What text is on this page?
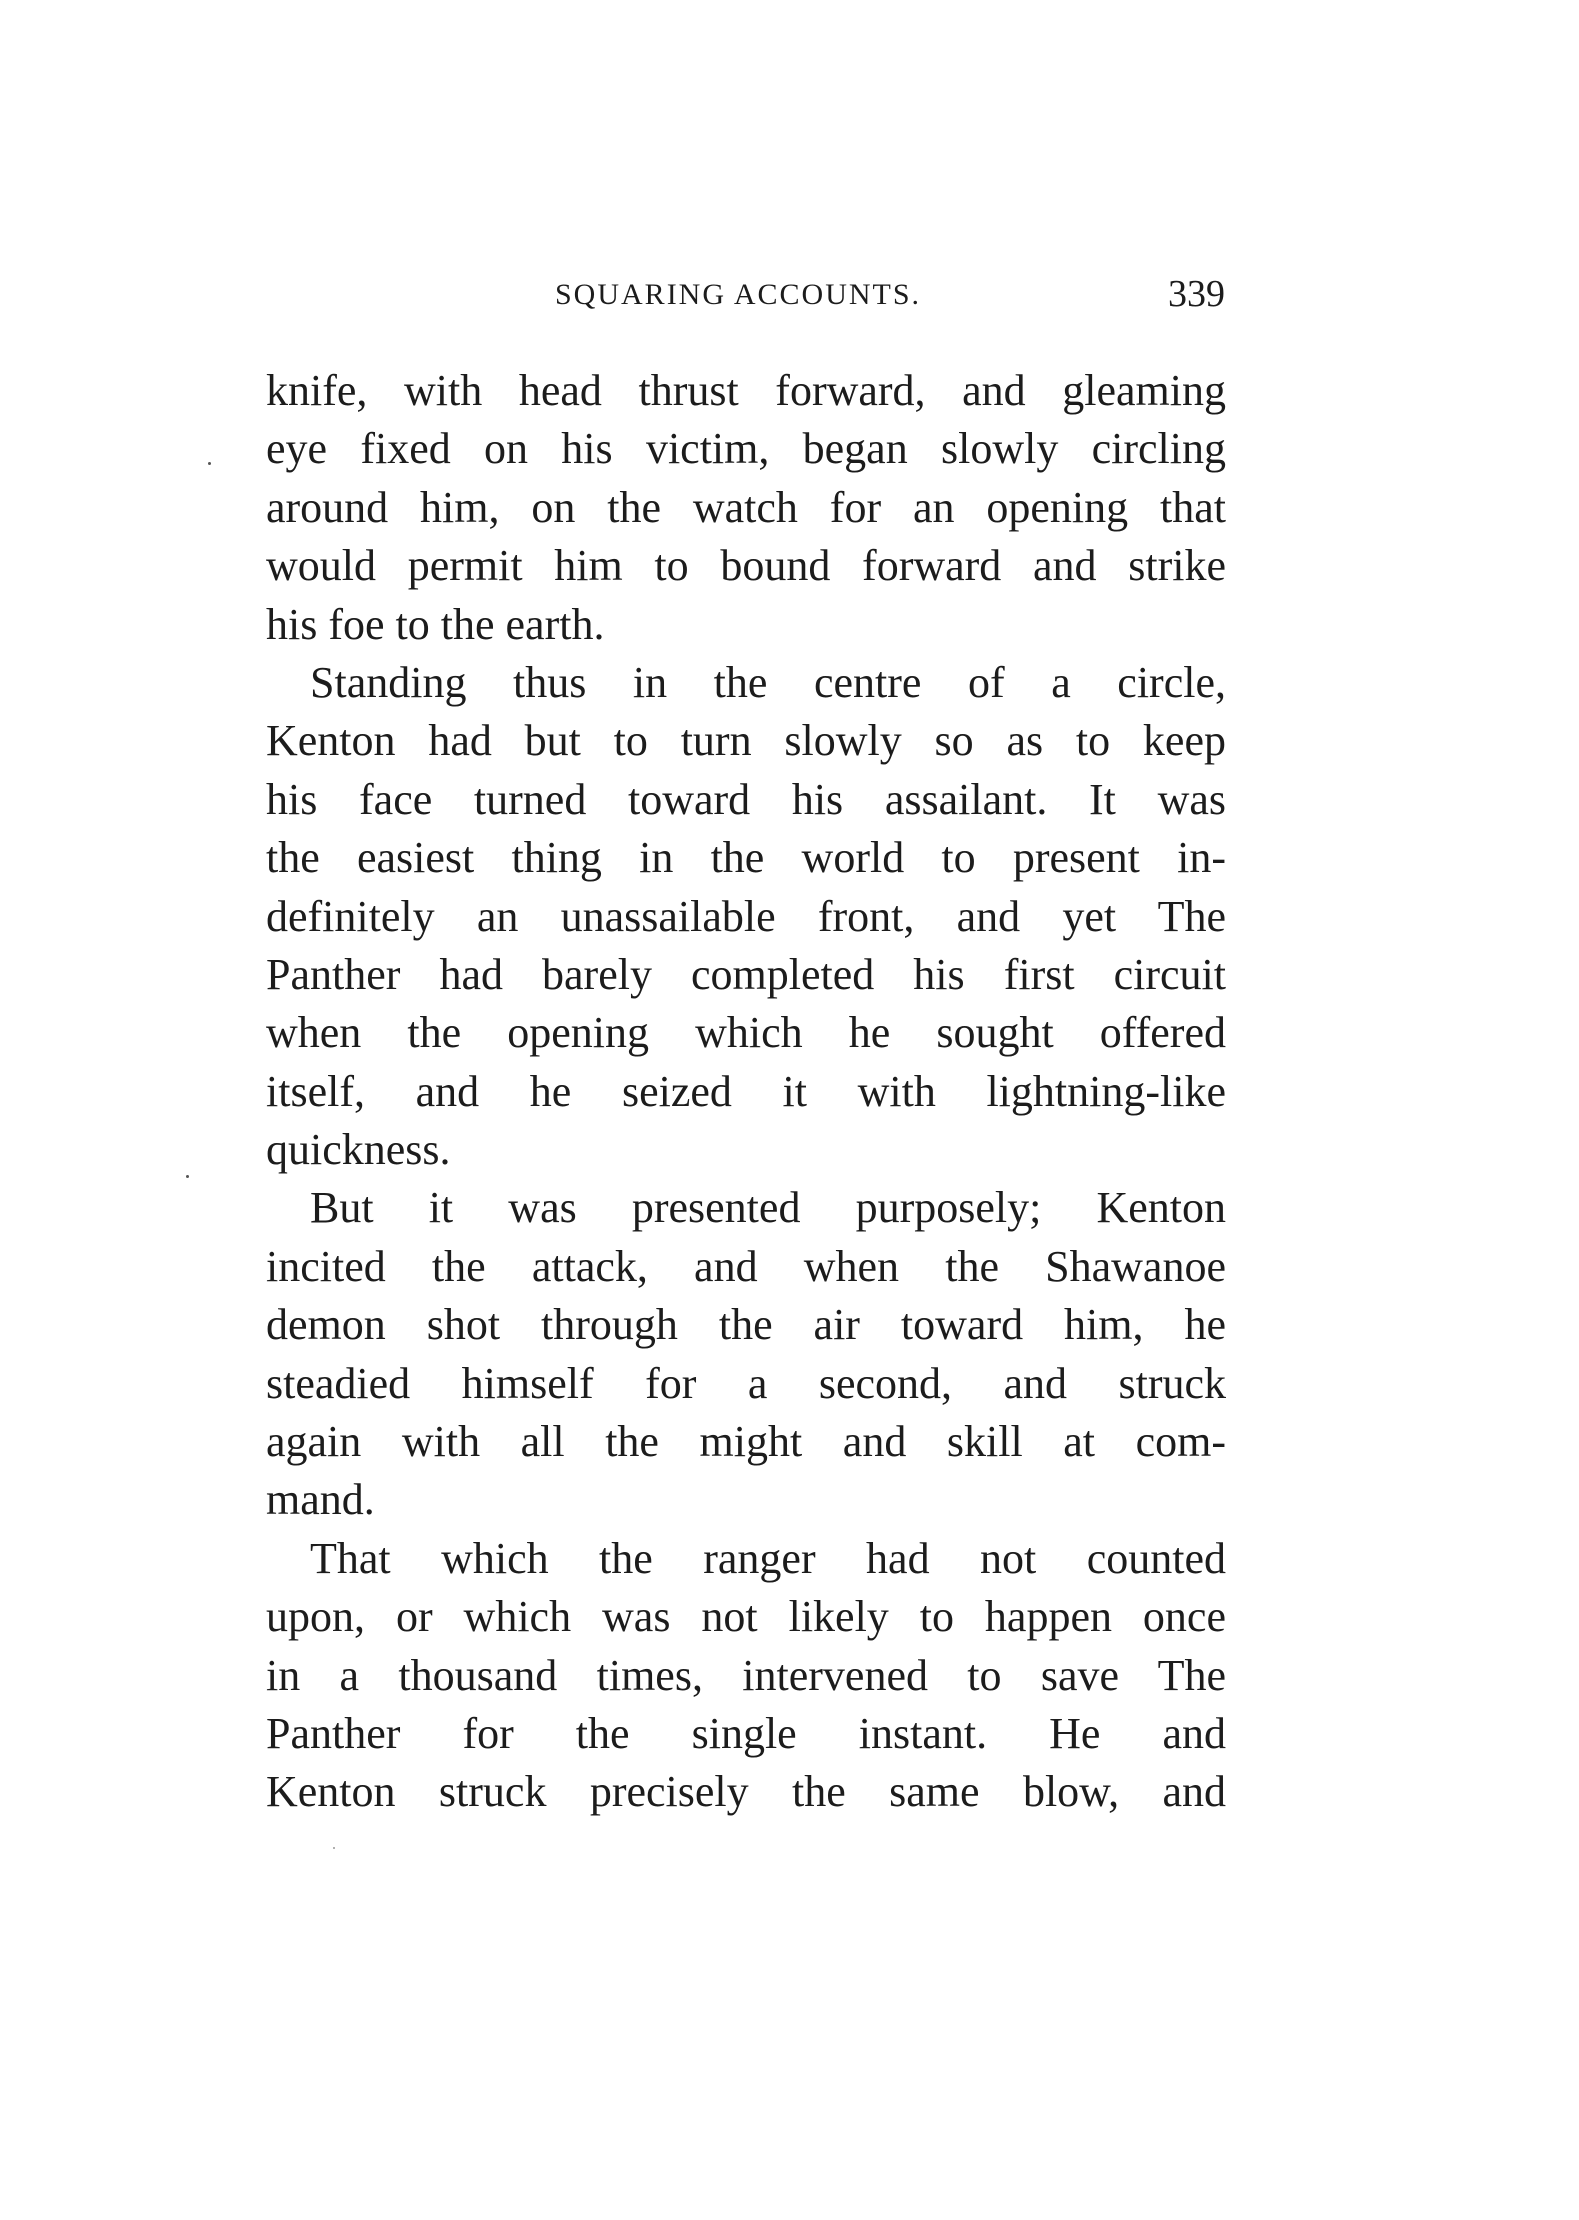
SQUARING ACCOUNTS.	339
knife, with head thrust forward, and gleaming
eye fixed on his victim, began slowly circling
around him, on the watch for an opening that
would permit him to bound forward and strike
his foe to the earth.
Standing thus in the centre of a circle,
Kenton had but to turn slowly so as to keep
his face turned toward his assailant. It was
the easiest thing in the world to present in-
definitely an unassailable front, and yet The
Panther had barely completed his first circuit
when the opening which he sought offered
itself, and he seized it with lightning-like
quickness.
But it was presented purposely; Kenton
incited the attack, and when the Shawanoe
demon shot through the air toward him, he
steadied himself for a second, and struck
again with all the might and skill at com-
mand.
That which the ranger had not counted
upon, or which was not likely to happen once
in a thousand times, intervened to save The
Panther for the single instant. He and
Kenton struck precisely the same blow, and
